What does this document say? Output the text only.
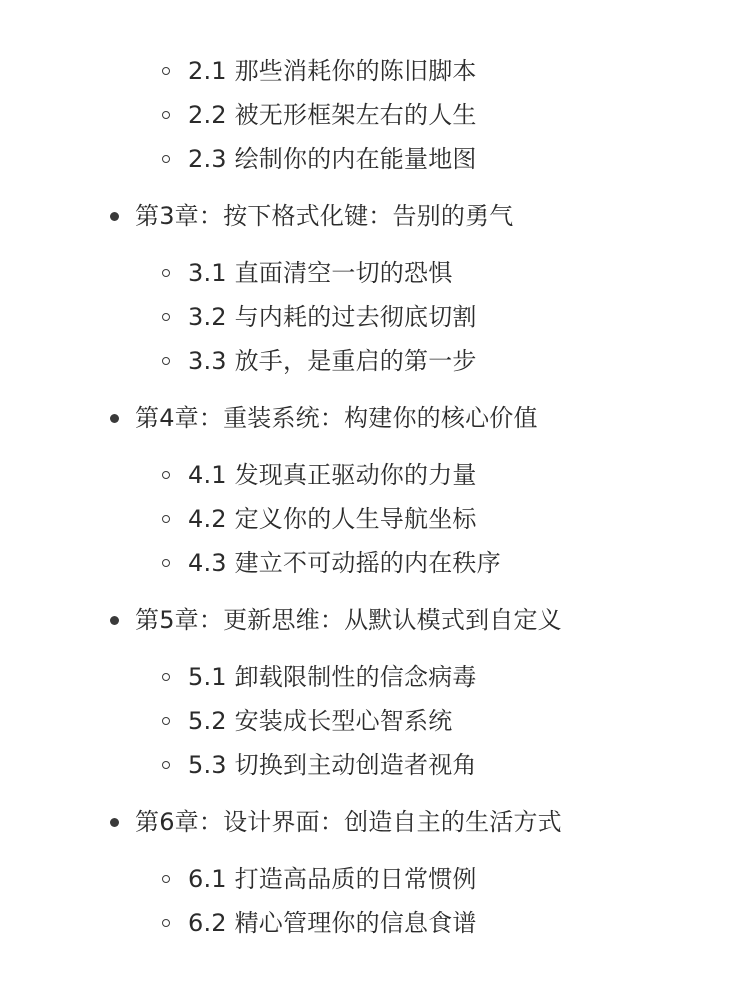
2.1 那些消耗你的陈旧脚本
2.2 被无形框架左右的人生
2.3 绘制你的内在能量地图
第3章：按下格式化键：告别的勇气
3.1 直面清空一切的恐惧
3.2 与内耗的过去彻底切割
3.3 放手，是重启的第一步
第4章：重装系统：构建你的核心价值
4.1 发现真正驱动你的力量
4.2 定义你的人生导航坐标
4.3 建立不可动摇的内在秩序
第5章：更新思维：从默认模式到自定义
5.1 卸载限制性的信念病毒
5.2 安装成长型心智系统
5.3 切换到主动创造者视角
第6章：设计界面：创造自主的生活方式
6.1 打造高品质的日常惯例
6.2 精心管理你的信息食谱
